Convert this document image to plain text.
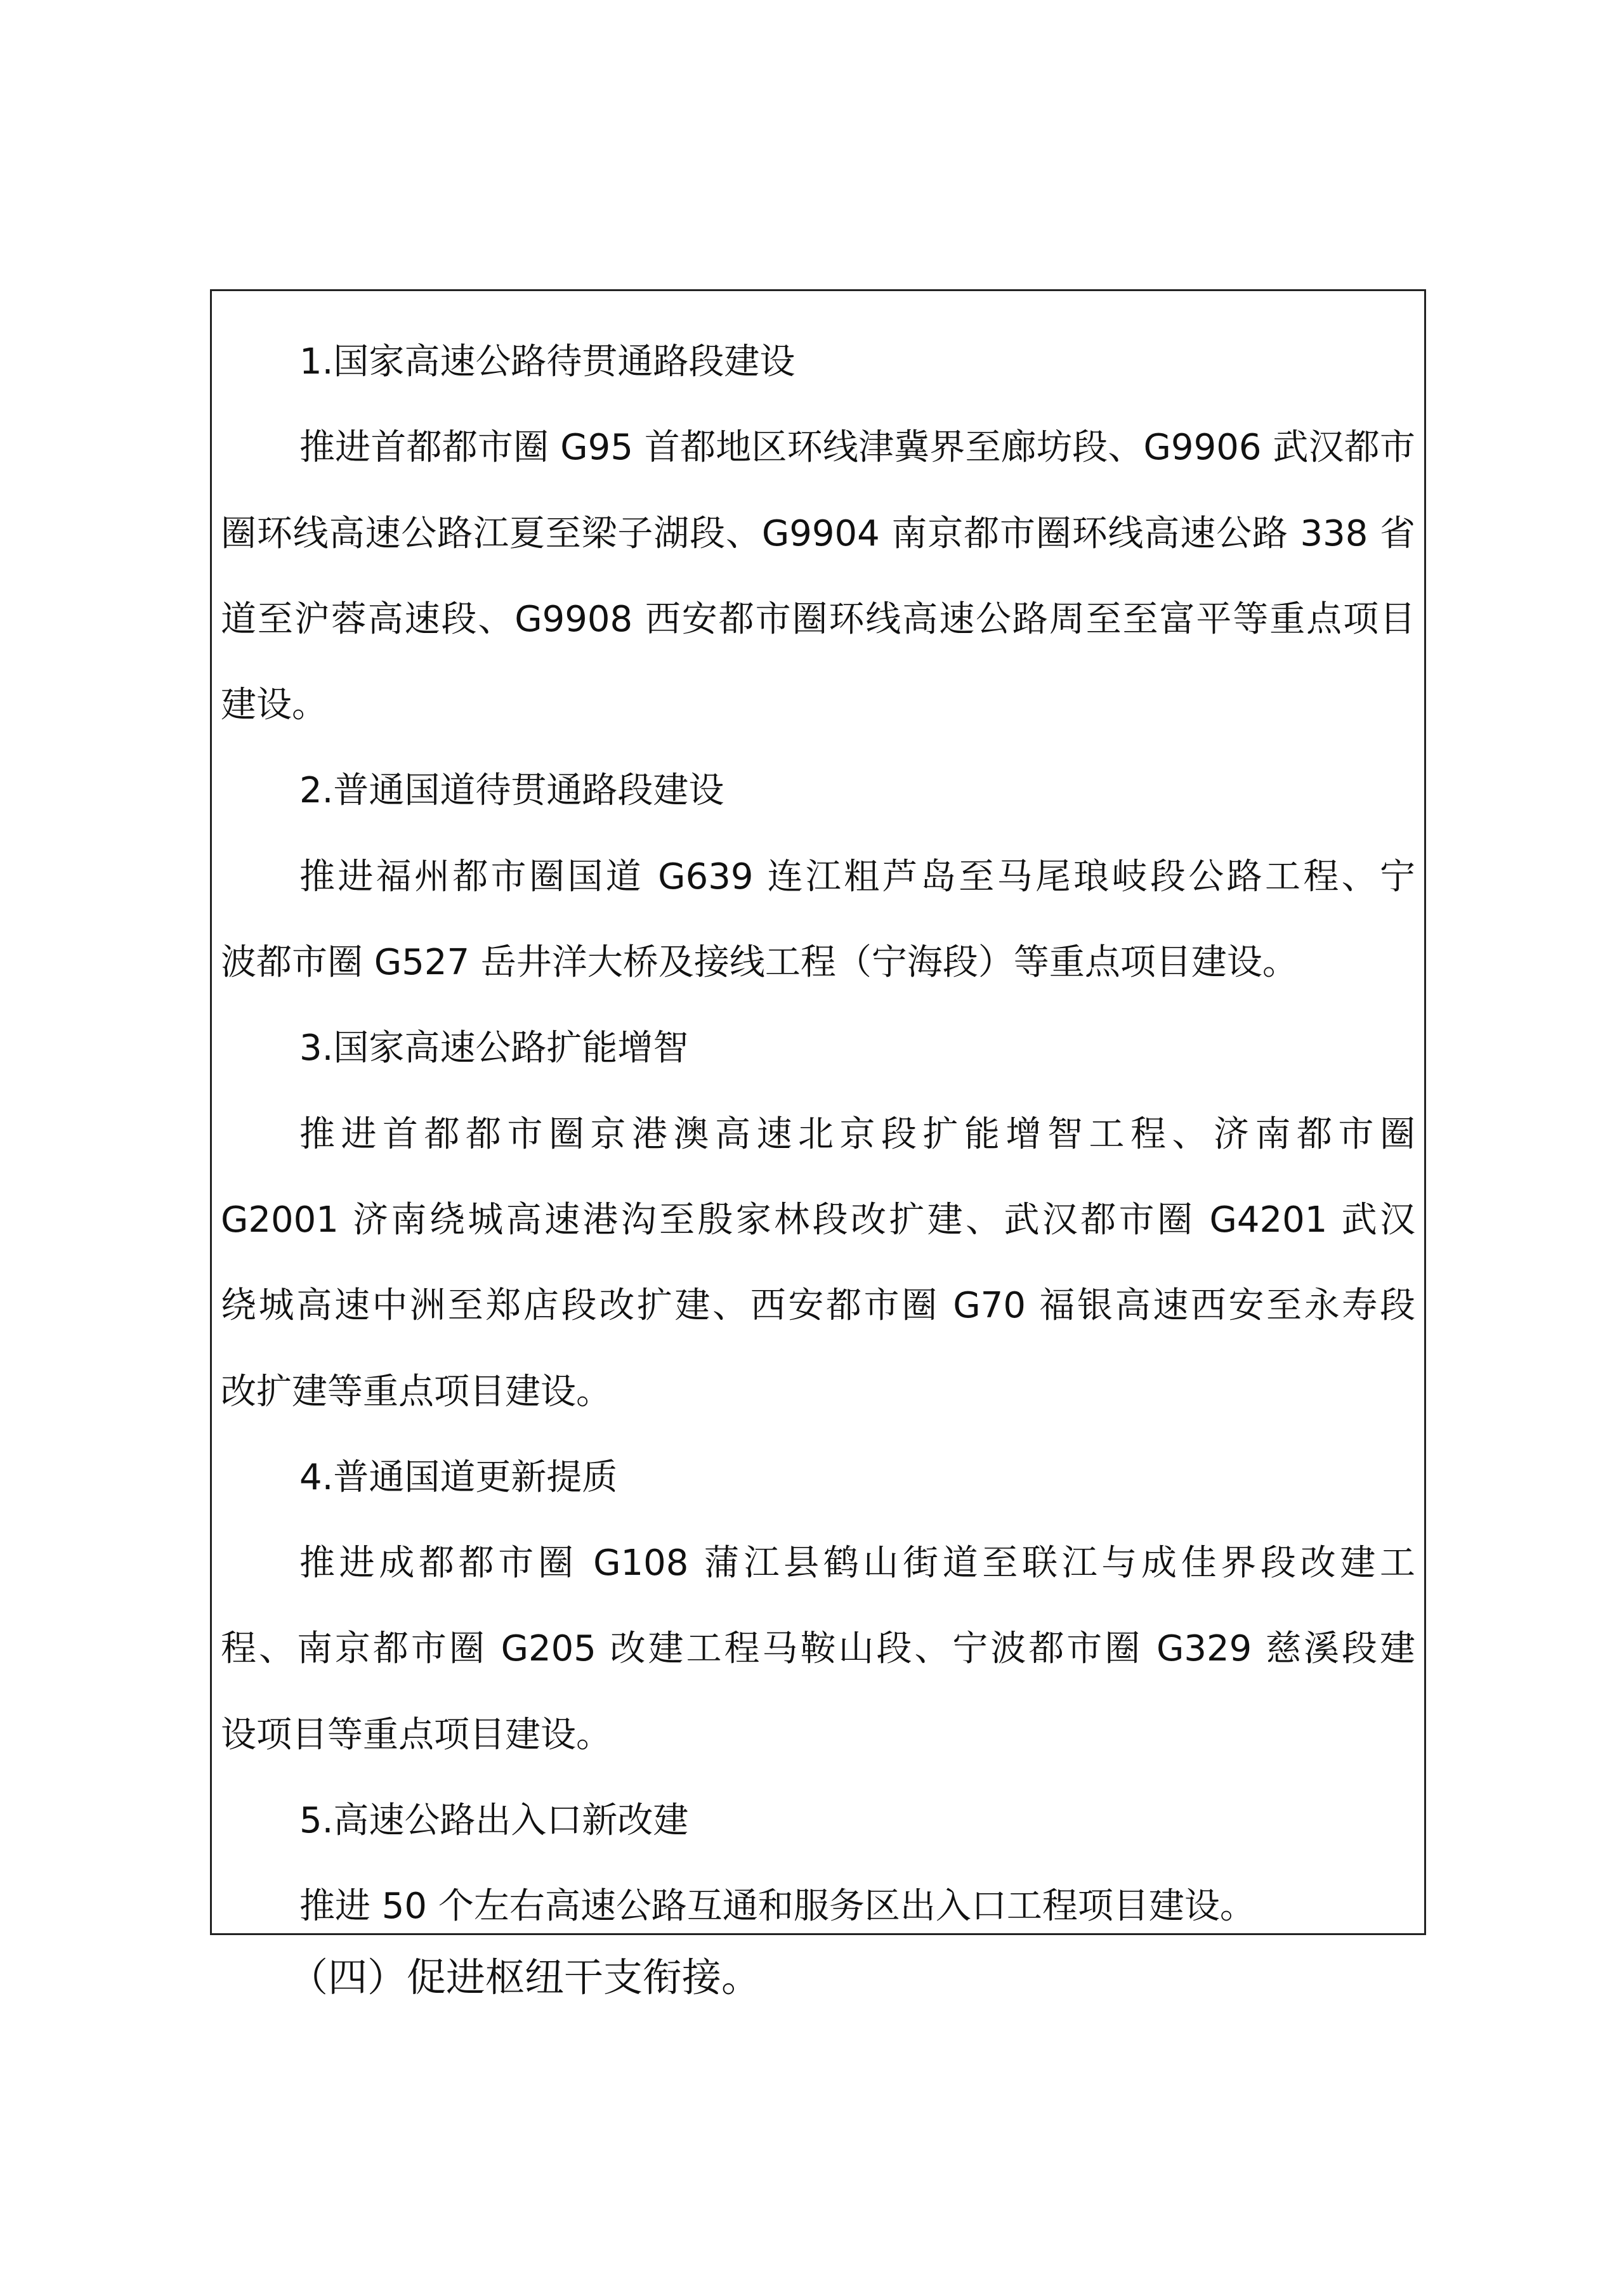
1.国家高速公路待贯通路段建设

推进首都都市圈 G95 首都地区环线津冀界至廊坊段、G9906 武汉都市

圈环线高速公路江夏至梁子湖段、G9904 南京都市圈环线高速公路 338 省

道至沪蓉高速段、G9908 西安都市圈环线高速公路周至至富平等重点项目

建设。

2.普通国道待贯通路段建设

推进福州都市圈国道 G639 连江粗芦岛至马尾琅岐段公路工程、宁

波都市圈 G527 岳井洋大桥及接线工程（宁海段）等重点项目建设。

3.国家高速公路扩能增智

推进首都都市圈京港澳高速北京段扩能增智工程、济南都市圈

G2001 济南绕城高速港沟至殷家林段改扩建、武汉都市圈 G4201 武汉

绕城高速中洲至郑店段改扩建、西安都市圈 G70 福银高速西安至永寿段

改扩建等重点项目建设。

4.普通国道更新提质

推进成都都市圈 G108 蒲江县鹤山街道至联江与成佳界段改建工

程、南京都市圈 G205 改建工程马鞍山段、宁波都市圈 G329 慈溪段建

设项目等重点项目建设。

5.高速公路出入口新改建

推进 50 个左右高速公路互通和服务区出入口工程项目建设。

（四）促进枢纽干支衔接。
